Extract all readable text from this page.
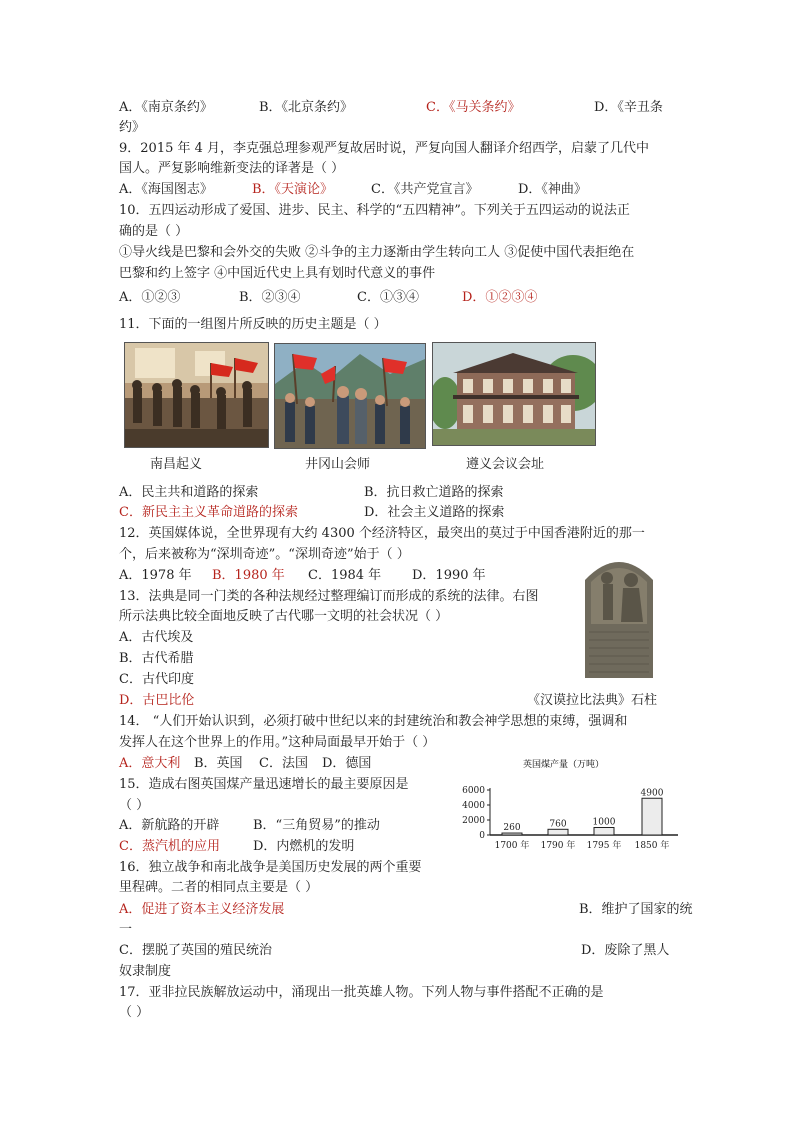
A．《南京条约》	B．《北京条约》	C．《马关条约》	D．《辛丑条
约》
9．2015 年 4 月，李克强总理参观严复故居时说，严复向国人翻译介绍西学，启蒙了几代中
国人。严复影响维新变法的译著是（ ）
A．《海国图志》	B．《天演论》	C．《共产党宣言》	D．《神曲》
10．五四运动形成了爱国、进步、民主、科学的“五四精神”。下列关于五四运动的说法正
确的是（ ）
①导火线是巴黎和会外交的失败 ②斗争的主力逐渐由学生转向工人 ③促使中国代表拒绝在
巴黎和约上签字 ④中国近代史上具有划时代意义的事件
A．①②③	B．②③④	C．①③④	D．①②③④
11．下面的一组图片所反映的历史主题是（ ）
南昌起义	井冈山会师	遵义会议会址
A．民主共和道路的探索	B．抗日救亡道路的探索
C．新民主主义革命道路的探索	D．社会主义道路的探索
12．英国媒体说，全世界现有大约 4300 个经济特区，最突出的莫过于中国香港附近的那一
个，后来被称为“深圳奇迹”。“深圳奇迹”始于（ ）
A．1978 年 B．1980 年 C．1984 年 D．1990 年
13．法典是同一门类的各种法规经过整理编订而形成的系统的法律。右图
所示法典比较全面地反映了古代哪一文明的社会状况（ ）
A．古代埃及
B．古代希腊
C．古代印度
D．古巴比伦	《汉谟拉比法典》石柱
14． “人们开始认识到，必须打破中世纪以来的封建统治和教会神学思想的束缚，强调和
发挥人在这个世界上的作用。”这种局面最早开始于（ ）
A．意大利 B．英国 C．法国 D．德国	英国煤产量（万吨）
0
2000
4000
6000
260	760	1000
4900
1700 年 1790 年 1795 年 1850 年
15．造成右图英国煤产量迅速增长的最主要原因是
（ ）
A．新航路的开辟	B．“三角贸易”的推动
C．蒸汽机的应用	D．内燃机的发明
16．独立战争和南北战争是美国历史发展的两个重要
里程碑。二者的相同点主要是（ ）
A．促进了资本主义经济发展	B．维护了国家的统
一
C．摆脱了英国的殖民统治	D．废除了黑人
奴隶制度
17．亚非拉民族解放运动中，涌现出一批英雄人物。下列人物与事件搭配不正确的是
（ ）
